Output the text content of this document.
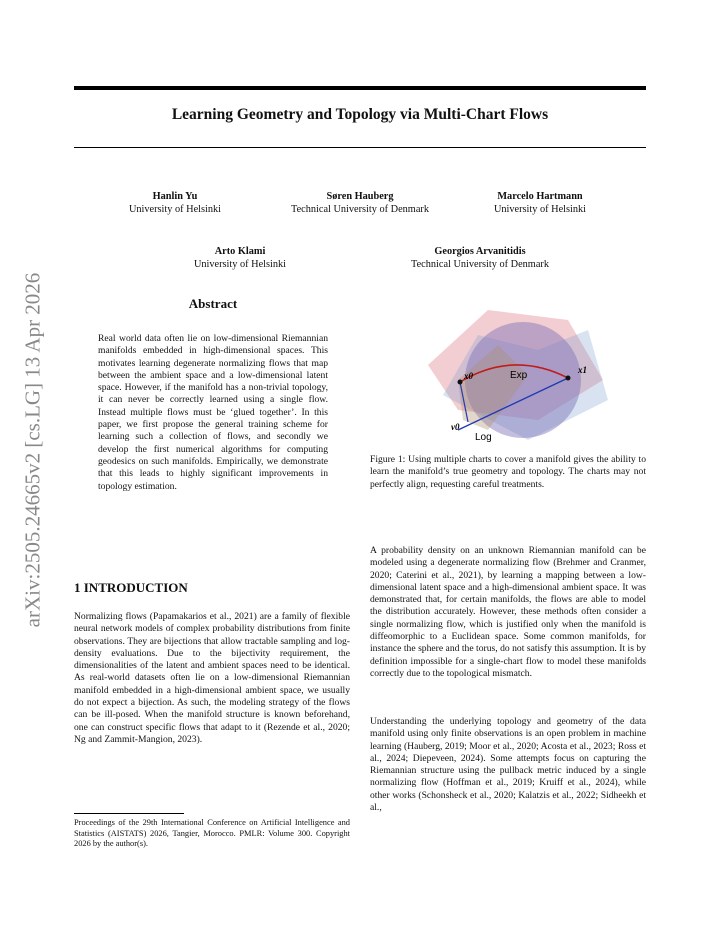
arXiv:2505.24665v2 [cs.LG] 13 Apr 2026
Learning Geometry and Topology via Multi-Chart Flows
Hanlin Yu
University of Helsinki
Søren Hauberg
Technical University of Denmark
Marcelo Hartmann
University of Helsinki
Arto Klami
University of Helsinki
Georgios Arvanitidis
Technical University of Denmark
Abstract
Real world data often lie on low-dimensional Riemannian manifolds embedded in high-dimensional spaces. This motivates learning degenerate normalizing flows that map between the ambient space and a low-dimensional latent space. However, if the manifold has a non-trivial topology, it can never be correctly learned using a single flow. Instead multiple flows must be ‘glued together’. In this paper, we first propose the general training scheme for learning such a collection of flows, and secondly we develop the first numerical algorithms for computing geodesics on such manifolds. Empirically, we demonstrate that this leads to highly significant improvements in topology estimation.
1 INTRODUCTION
Normalizing flows (Papamakarios et al., 2021) are a family of flexible neural network models of complex probability distributions from finite observations. They are bijections that allow tractable sampling and log-density evaluations. Due to the bijectivity requirement, the dimensionalities of the latent and ambient spaces need to be identical. As real-world datasets often lie on a low-dimensional Riemannian manifold embedded in a high-dimensional ambient space, we usually do not expect a bijection. As such, the modeling strategy of the flows can be ill-posed. When the manifold structure is known beforehand, one can construct specific flows that adapt to it (Rezende et al., 2020; Ng and Zammit-Mangion, 2023).
Proceedings of the 29th International Conference on Artificial Intelligence and Statistics (AISTATS) 2026, Tangier, Morocco. PMLR: Volume 300. Copyright 2026 by the author(s).
x0
x1
Exp
v0
Log
Figure 1: Using multiple charts to cover a manifold gives the ability to learn the manifold’s true geometry and topology. The charts may not perfectly align, requesting careful treatments.
A probability density on an unknown Riemannian manifold can be modeled using a degenerate normalizing flow (Brehmer and Cranmer, 2020; Caterini et al., 2021), by learning a mapping between a low-dimensional latent space and a high-dimensional ambient space. It was demonstrated that, for certain manifolds, the flows are able to model the distribution accurately. However, these methods often consider a single normalizing flow, which is justified only when the manifold is diffeomorphic to a Euclidean space. Some common manifolds, for instance the sphere and the torus, do not satisfy this assumption. It is by definition impossible for a single-chart flow to model these manifolds correctly due to the topological mismatch.
Understanding the underlying topology and geometry of the data manifold using only finite observations is an open problem in machine learning (Hauberg, 2019; Moor et al., 2020; Acosta et al., 2023; Ross et al., 2024; Diepeveen, 2024). Some attempts focus on capturing the Riemannian structure using the pullback metric induced by a single normalizing flow (Hoffman et al., 2019; Kruiff et al., 2024), while other works (Schonsheck et al., 2020; Kalatzis et al., 2022; Sidheekh et al.,
